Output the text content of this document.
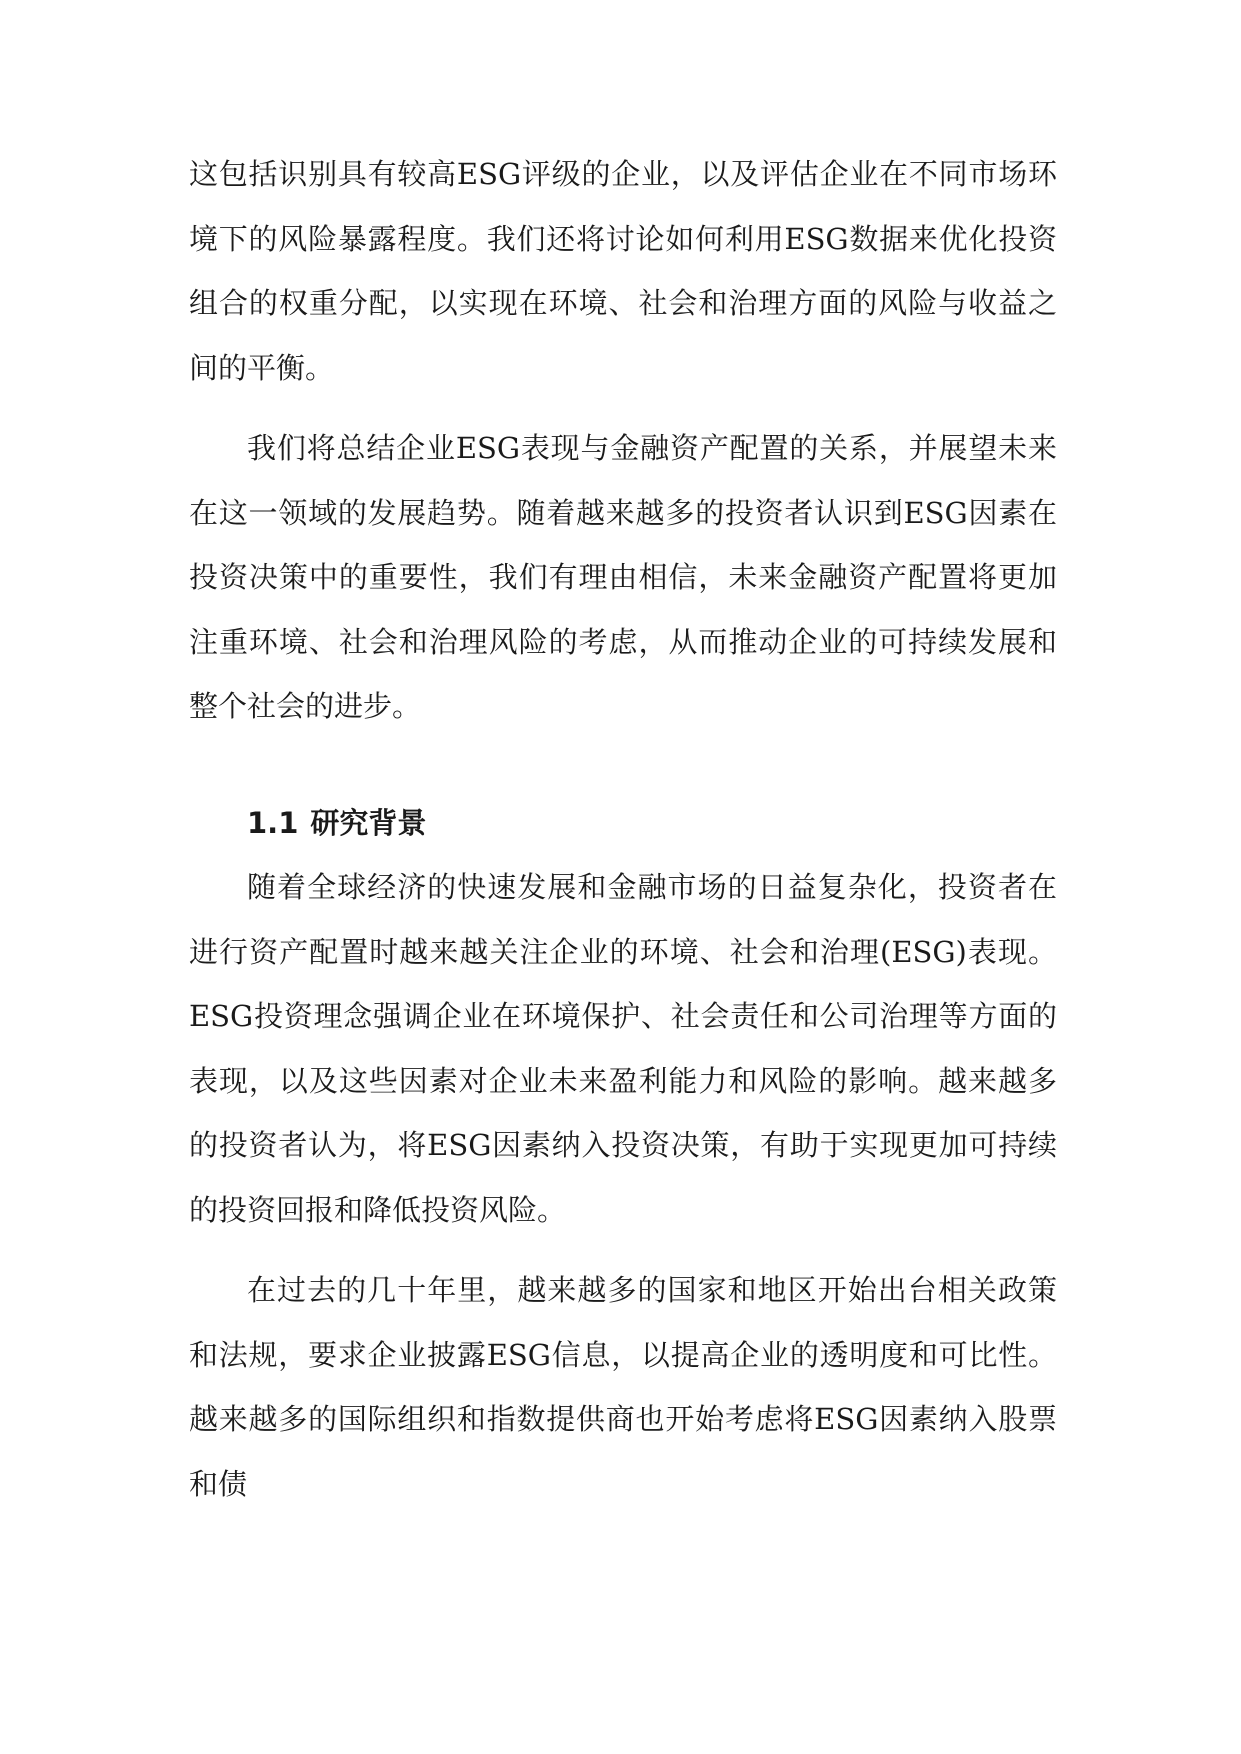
这包括识别具有较高ESG评级的企业，以及评估企业在不同市场环境下的风险暴露程度。我们还将讨论如何利用ESG数据来优化投资组合的权重分配，以实现在环境、社会和治理方面的风险与收益之间的平衡。

我们将总结企业ESG表现与金融资产配置的关系，并展望未来在这一领域的发展趋势。随着越来越多的投资者认识到ESG因素在投资决策中的重要性，我们有理由相信，未来金融资产配置将更加注重环境、社会和治理风险的考虑，从而推动企业的可持续发展和整个社会的进步。

1.1 研究背景

随着全球经济的快速发展和金融市场的日益复杂化，投资者在进行资产配置时越来越关注企业的环境、社会和治理(ESG)表现。ESG投资理念强调企业在环境保护、社会责任和公司治理等方面的表现，以及这些因素对企业未来盈利能力和风险的影响。越来越多的投资者认为，将ESG因素纳入投资决策，有助于实现更加可持续的投资回报和降低投资风险。

在过去的几十年里，越来越多的国家和地区开始出台相关政策和法规，要求企业披露ESG信息，以提高企业的透明度和可比性。越来越多的国际组织和指数提供商也开始考虑将ESG因素纳入股票和债
